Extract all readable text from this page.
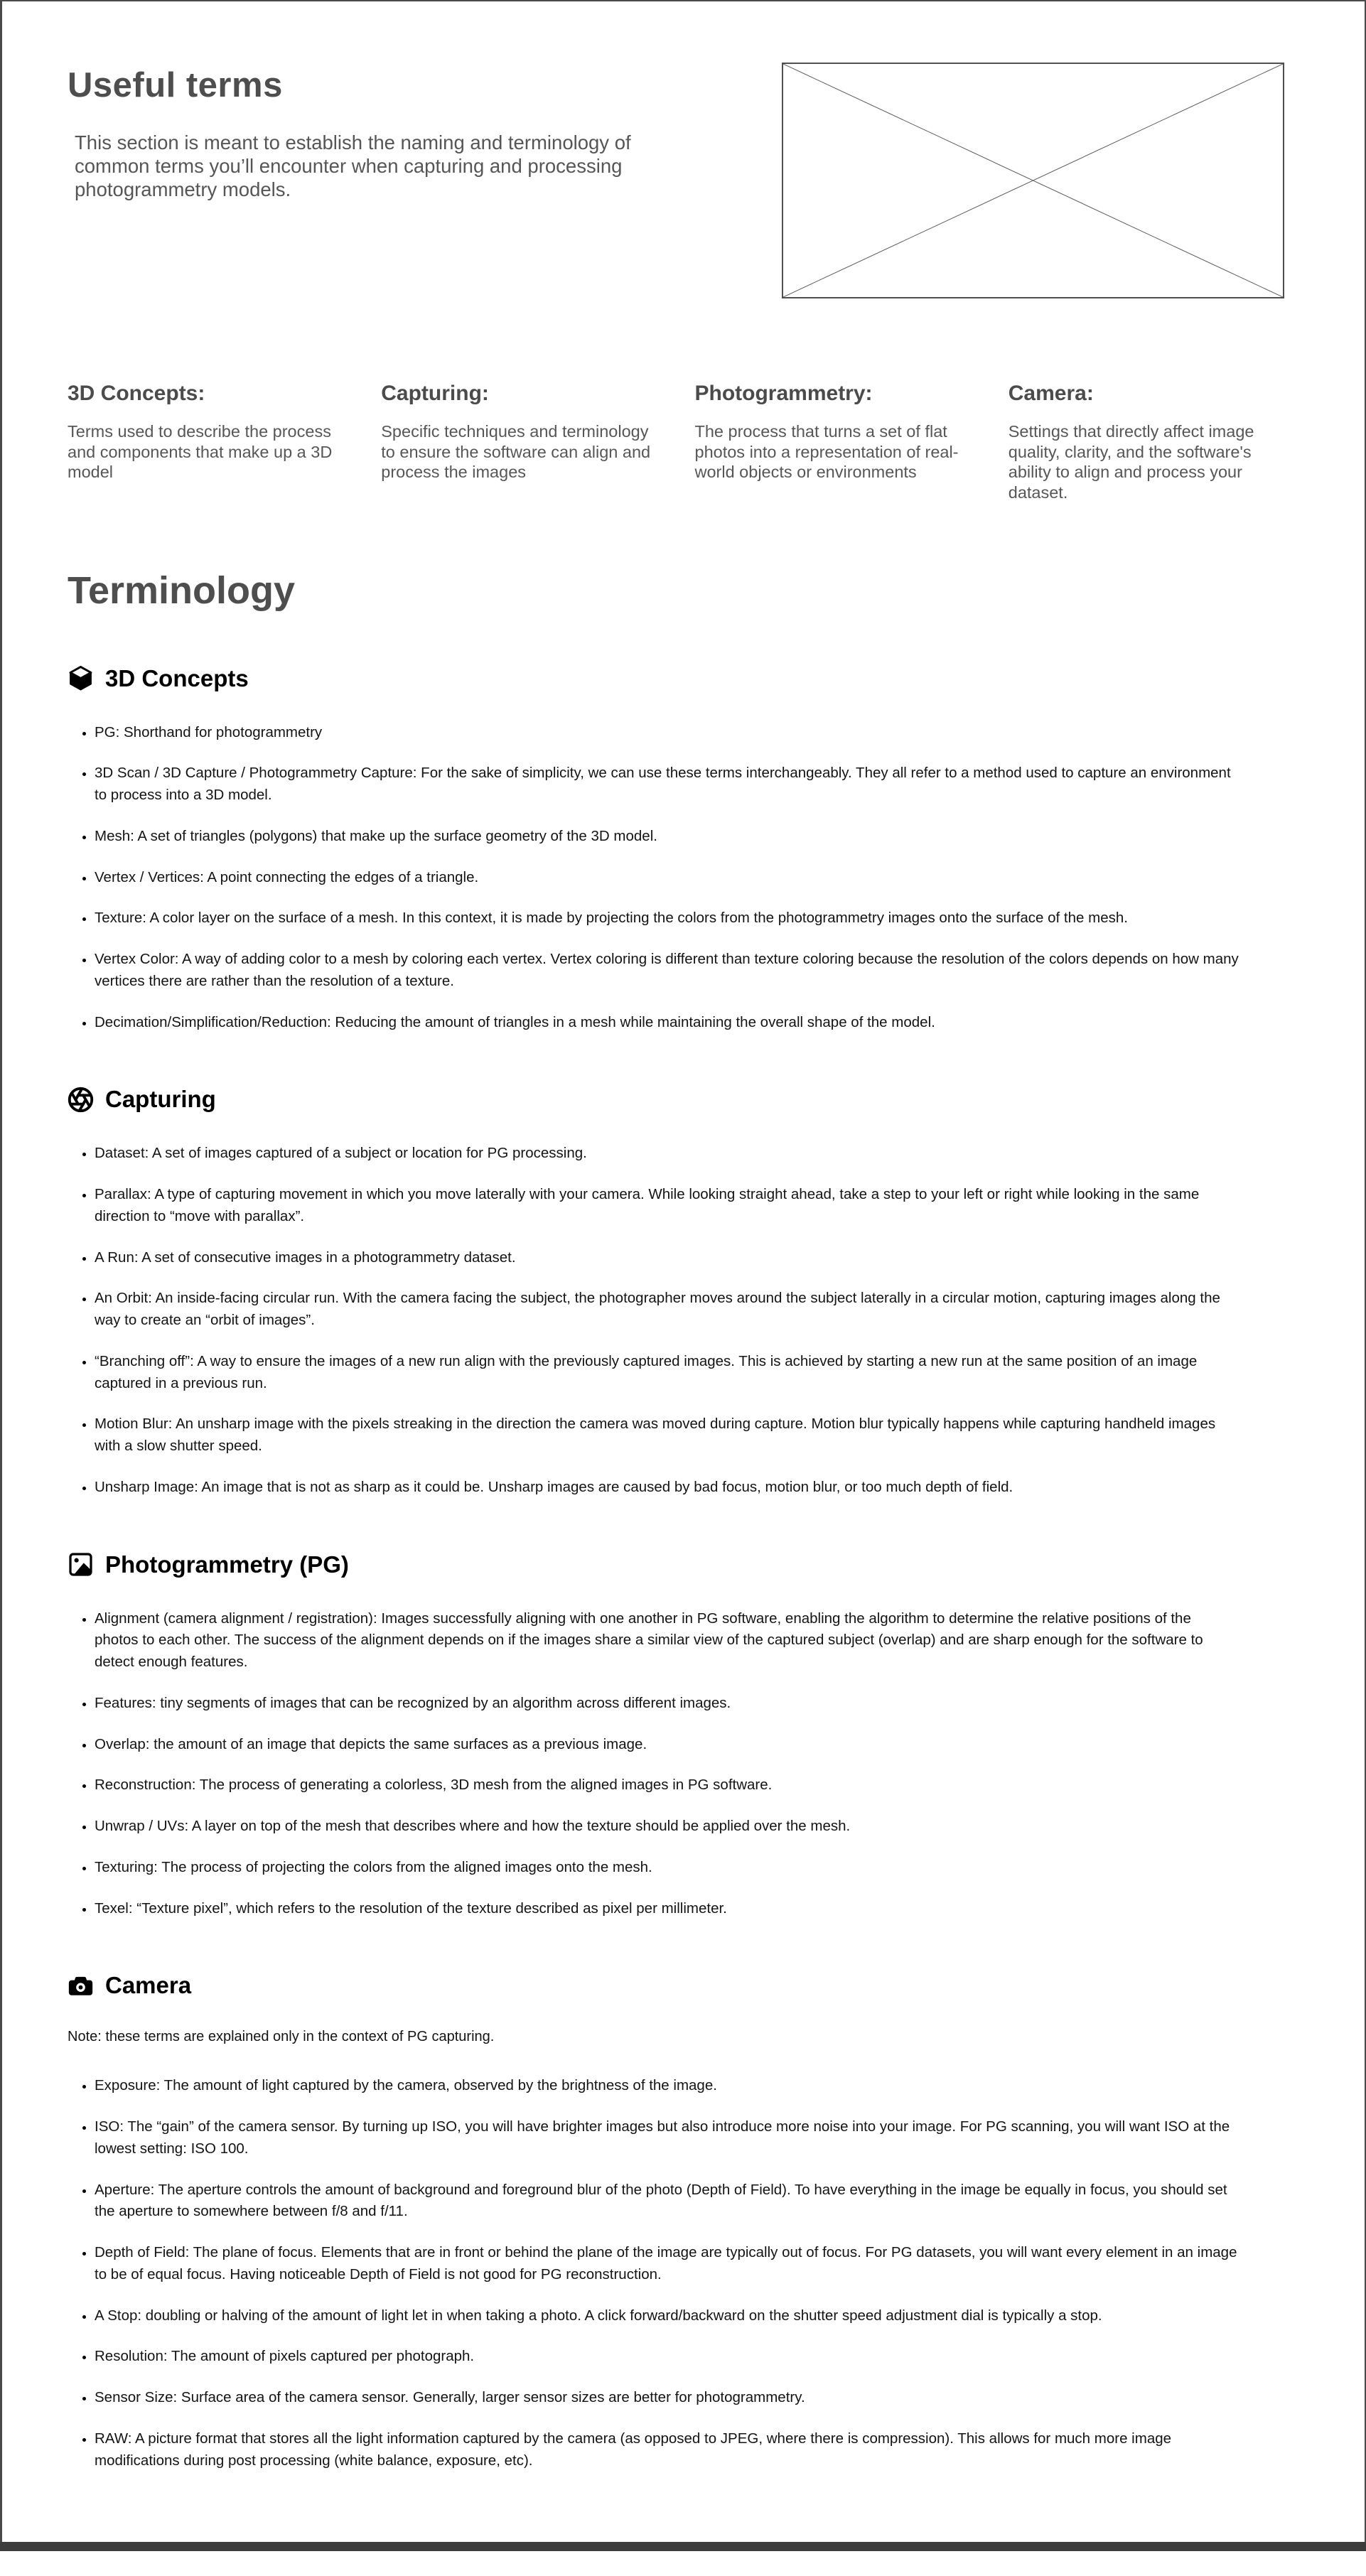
Useful terms

This section is meant to establish the naming and terminology of common terms you’ll encounter when capturing and processing photogrammetry models.

3D Concepts:

Terms used to describe the process and components that make up a 3D model

Capturing:

Specific techniques and terminology to ensure the software can align and process the images

Photogrammetry:

The process that turns a set of flat photos into a representation of real-world objects or environments

Camera:

Settings that directly affect image quality, clarity, and the software's ability to align and process your dataset.

Terminology
3D Concepts
• PG: Shorthand for photogrammetry
• 3D Scan / 3D Capture / Photogrammetry Capture: For the sake of simplicity, we can use these terms interchangeably. They all refer to a method used to capture an environment to process into a 3D model.
• Mesh: A set of triangles (polygons) that make up the surface geometry of the 3D model.
• Vertex / Vertices: A point connecting the edges of a triangle.
• Texture: A color layer on the surface of a mesh. In this context, it is made by projecting the colors from the photogrammetry images onto the surface of the mesh.
• Vertex Color: A way of adding color to a mesh by coloring each vertex. Vertex coloring is different than texture coloring because the resolution of the colors depends on how many vertices there are rather than the resolution of a texture.
• Decimation/Simplification/Reduction: Reducing the amount of triangles in a mesh while maintaining the overall shape of the model.
Capturing
• Dataset: A set of images captured of a subject or location for PG processing.
• Parallax: A type of capturing movement in which you move laterally with your camera. While looking straight ahead, take a step to your left or right while looking in the same direction to “move with parallax”.
• A Run: A set of consecutive images in a photogrammetry dataset.
• An Orbit: An inside-facing circular run. With the camera facing the subject, the photographer moves around the subject laterally in a circular motion, capturing images along the way to create an “orbit of images”.
• “Branching off”: A way to ensure the images of a new run align with the previously captured images. This is achieved by starting a new run at the same position of an image captured in a previous run.
• Motion Blur: An unsharp image with the pixels streaking in the direction the camera was moved during capture. Motion blur typically happens while capturing handheld images with a slow shutter speed.
• Unsharp Image: An image that is not as sharp as it could be. Unsharp images are caused by bad focus, motion blur, or too much depth of field.
Photogrammetry (PG)
• Alignment (camera alignment / registration): Images successfully aligning with one another in PG software, enabling the algorithm to determine the relative positions of the photos to each other. The success of the alignment depends on if the images share a similar view of the captured subject (overlap) and are sharp enough for the software to detect enough features.
• Features: tiny segments of images that can be recognized by an algorithm across different images.
• Overlap: the amount of an image that depicts the same surfaces as a previous image.
• Reconstruction: The process of generating a colorless, 3D mesh from the aligned images in PG software.
• Unwrap / UVs: A layer on top of the mesh that describes where and how the texture should be applied over the mesh.
• Texturing: The process of projecting the colors from the aligned images onto the mesh.
• Texel: “Texture pixel”, which refers to the resolution of the texture described as pixel per millimeter.
Camera

Note: these terms are explained only in the context of PG capturing.

• Exposure: The amount of light captured by the camera, observed by the brightness of the image.
• ISO: The “gain” of the camera sensor. By turning up ISO, you will have brighter images but also introduce more noise into your image. For PG scanning, you will want ISO at the lowest setting: ISO 100.
• Aperture: The aperture controls the amount of background and foreground blur of the photo (Depth of Field). To have everything in the image be equally in focus, you should set the aperture to somewhere between f/8 and f/11.
• Depth of Field: The plane of focus. Elements that are in front or behind the plane of the image are typically out of focus. For PG datasets, you will want every element in an image to be of equal focus. Having noticeable Depth of Field is not good for PG reconstruction.
• A Stop: doubling or halving of the amount of light let in when taking a photo. A click forward/backward on the shutter speed adjustment dial is typically a stop.
• Resolution: The amount of pixels captured per photograph.
• Sensor Size: Surface area of the camera sensor. Generally, larger sensor sizes are better for photogrammetry.
• RAW: A picture format that stores all the light information captured by the camera (as opposed to JPEG, where there is compression). This allows for much more image modifications during post processing (white balance, exposure, etc).
